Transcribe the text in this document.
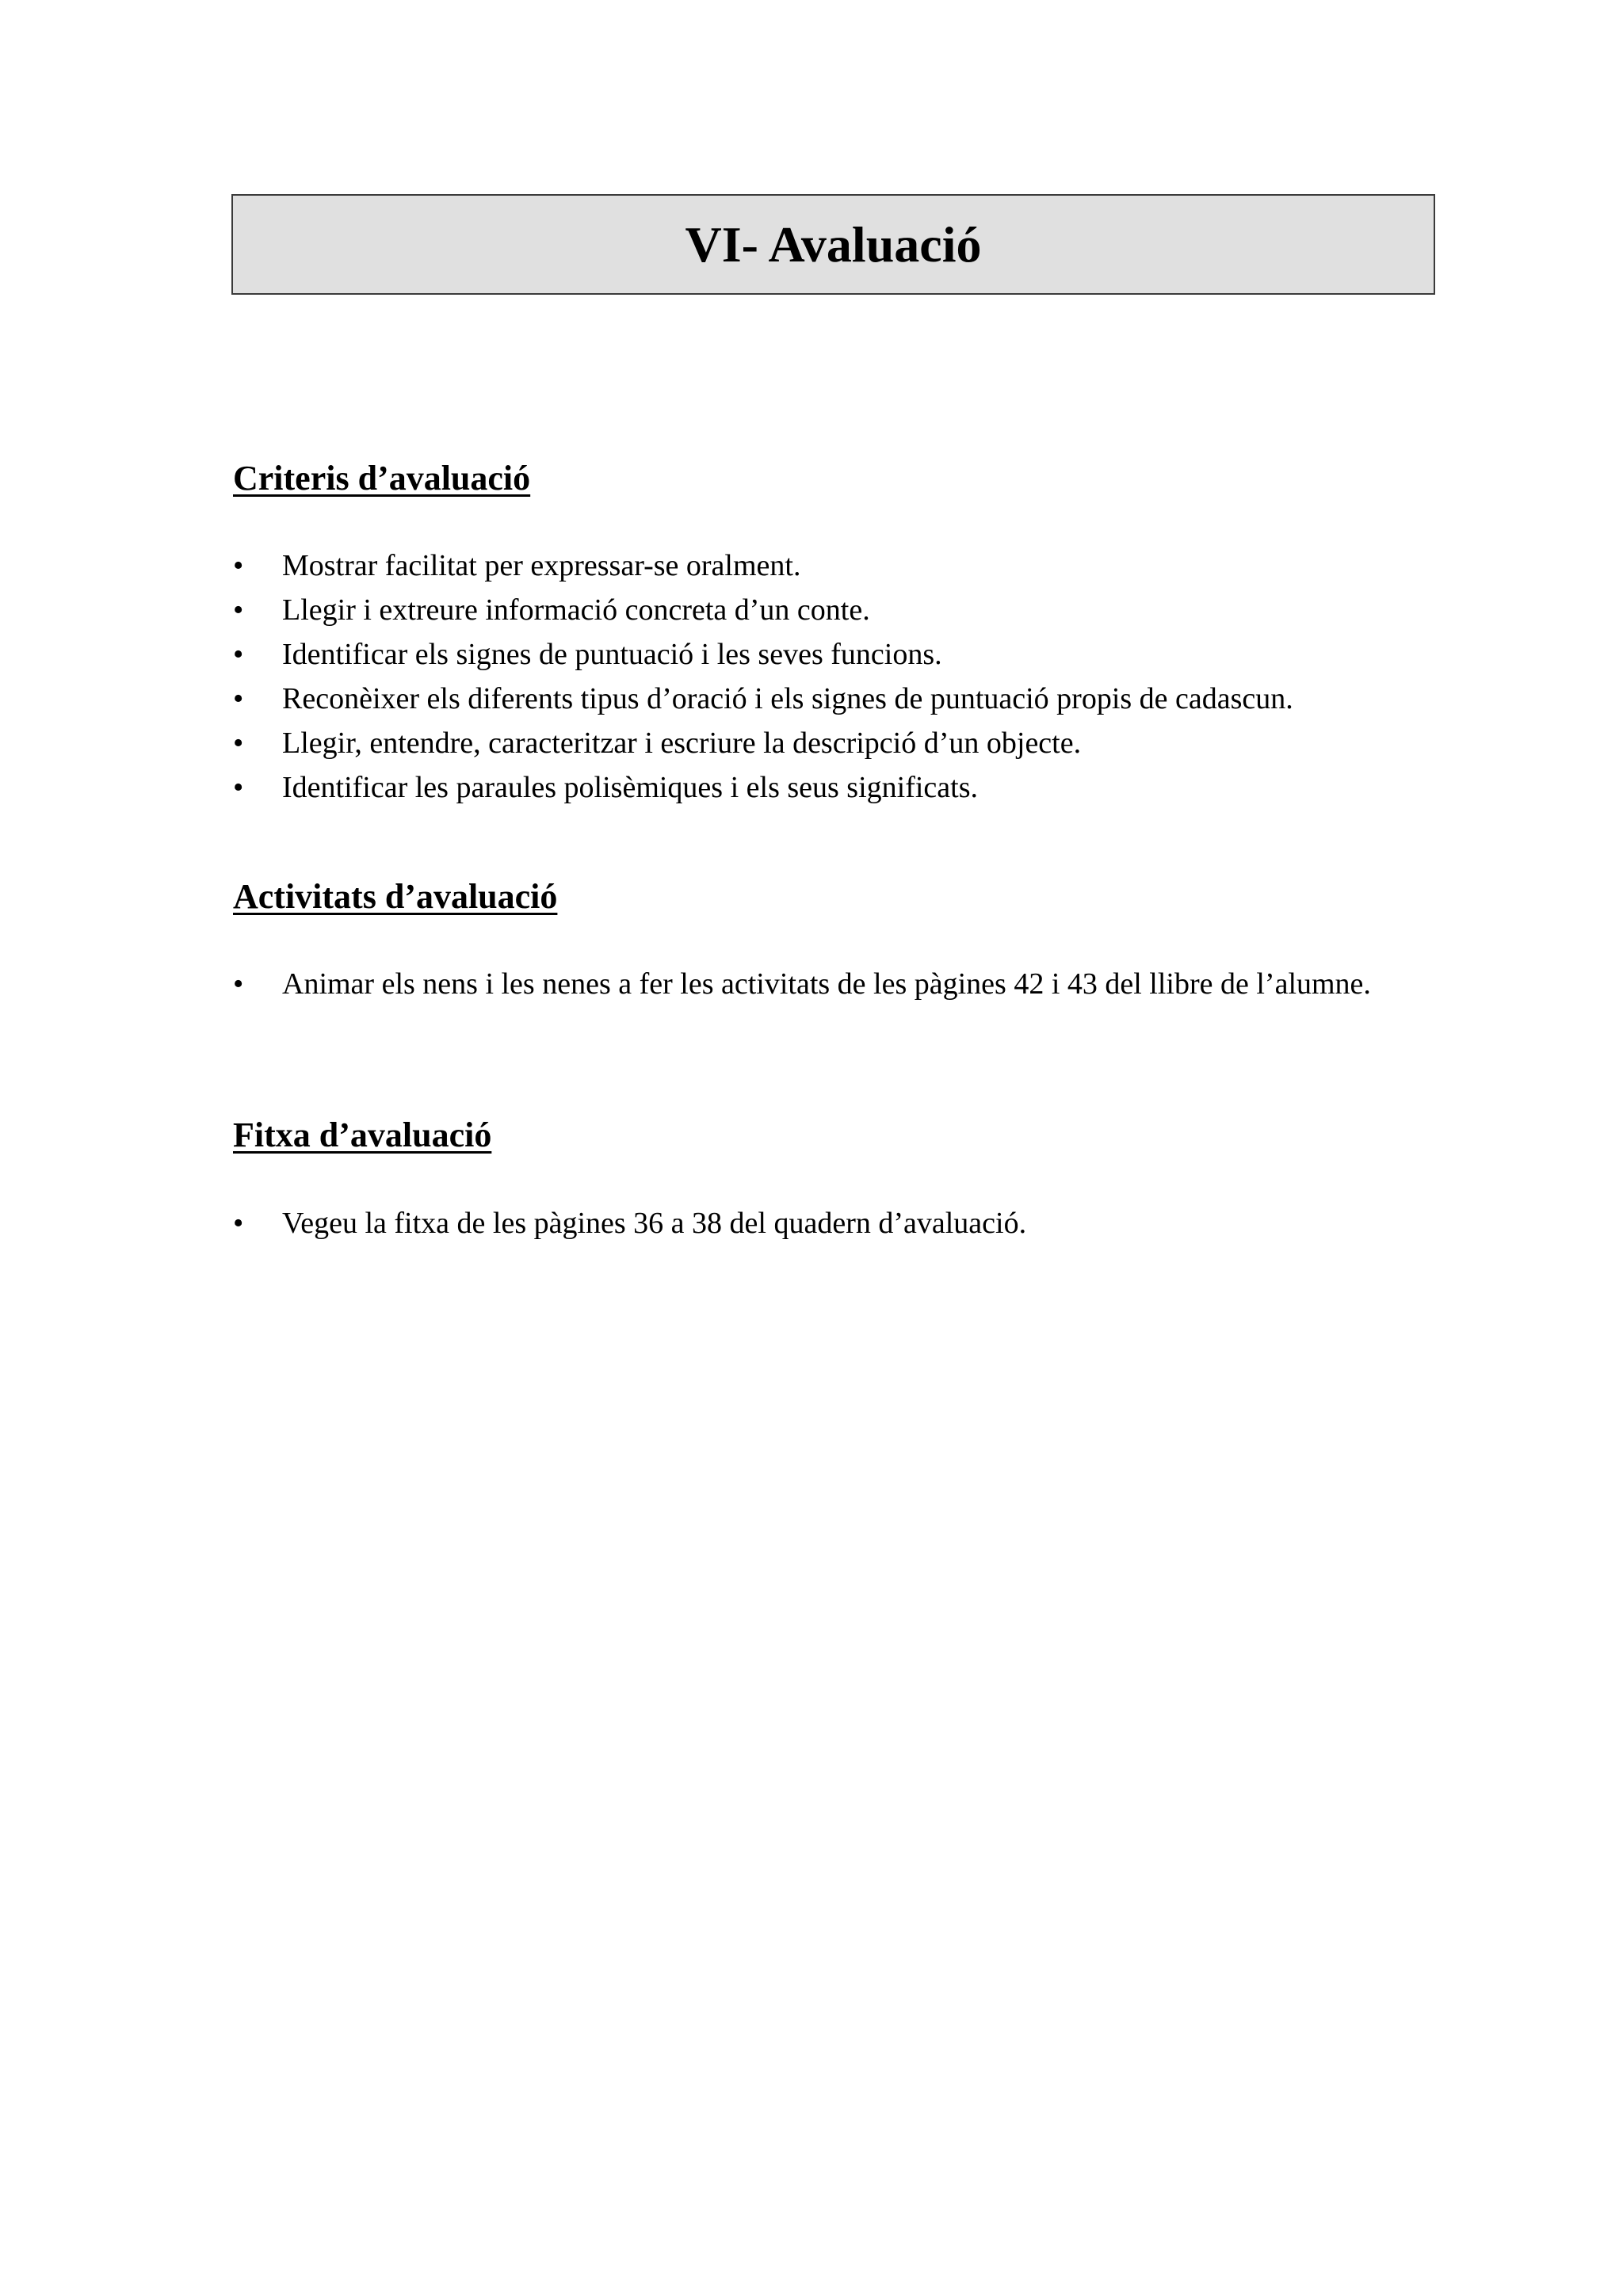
VI- Avaluació
Criteris d’avaluació
•	Mostrar facilitat per expressar-se oralment.
•	Llegir i extreure informació concreta d’un conte.
•	Identificar els signes de puntuació i les seves funcions.
•	Reconèixer els diferents tipus d’oració i els signes de puntuació propis de cadascun.
•	Llegir, entendre, caracteritzar i escriure la descripció d’un objecte.
•	Identificar les paraules polisèmiques i els seus significats.
Activitats d’avaluació
•	Animar els nens i les nenes a fer les activitats de les pàgines 42 i 43 del llibre de l’alumne.
Fitxa d’avaluació
•	Vegeu la fitxa de les pàgines 36 a 38 del quadern d’avaluació.
